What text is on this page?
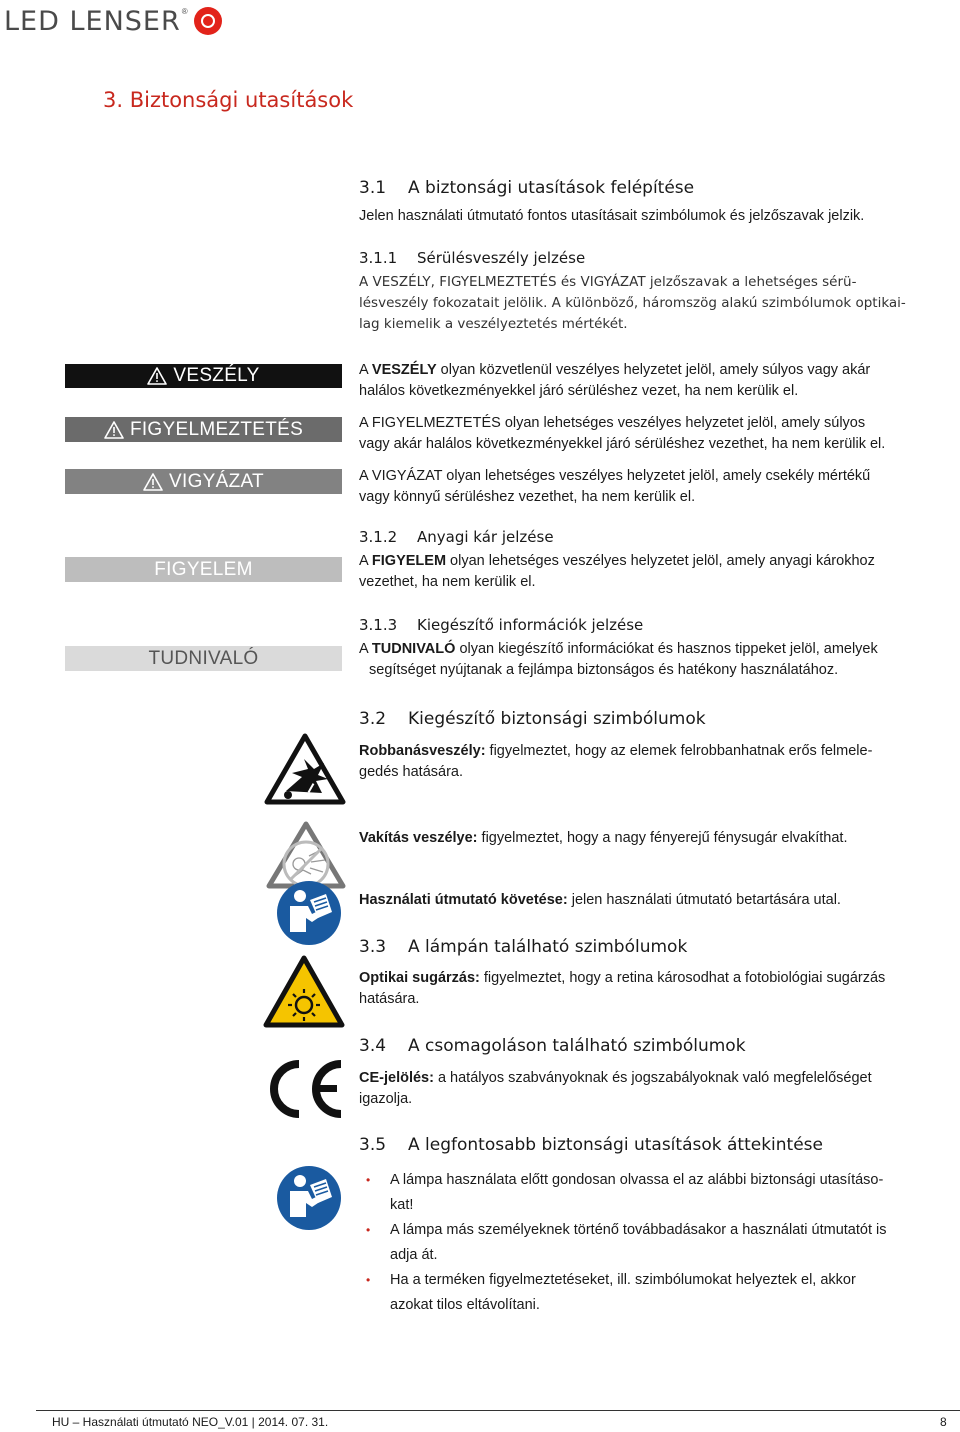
LED LENSER ®
3. Biztonsági utasítások
3.1 A biztonsági utasítások felépítése

Jelen használati útmutató fontos utasításait szimbólumok és jelzőszavak jelzik.

3.1.1 Sérülésveszély jelzése

A VESZÉLY, FIGYELMEZTETÉS és VIGYÁZAT jelzőszavak a lehetséges sérü-
lésveszély fokozatait jelölik. A különböző, háromszög alakú szimbólumok optikai-
lag kiemelik a veszélyeztetés mértékét.

VESZÉLY
FIGYELMEZTETÉS
VIGYÁZAT
FIGYELEM
TUDNIVALÓ

A VESZÉLY olyan közvetlenül veszélyes helyzetet jelöl, amely súlyos vagy akár
halálos következményekkel járó sérüléshez vezet, ha nem kerülik el.

A FIGYELMEZTETÉS olyan lehetséges veszélyes helyzetet jelöl, amely súlyos
vagy akár halálos következményekkel járó sérüléshez vezethet, ha nem kerülik el.

A VIGYÁZAT olyan lehetséges veszélyes helyzetet jelöl, amely csekély mértékű
vagy könnyű sérüléshez vezethet, ha nem kerülik el.

3.1.2 Anyagi kár jelzése

A FIGYELEM olyan lehetséges veszélyes helyzetet jelöl, amely anyagi károkhoz
vezethet, ha nem kerülik el.

3.1.3 Kiegészítő információk jelzése

A TUDNIVALÓ olyan kiegészítő információkat és hasznos tippeket jelöl, amelyek
segítséget nyújtanak a fejlámpa biztonságos és hatékony használatához.

3.2 Kiegészítő biztonsági szimbólumok

Robbanásveszély: figyelmeztet, hogy az elemek felrobbanhatnak erős felmele-
gedés hatására.

Vakítás veszélye: figyelmeztet, hogy a nagy fényerejű fénysugár elvakíthat.

Használati útmutató követése: jelen használati útmutató betartására utal.

3.3 A lámpán található szimbólumok

Optikai sugárzás: figyelmeztet, hogy a retina károsodhat a fotobiológiai sugárzás
hatására.

3.4 A csomagoláson található szimbólumok

CE-jelölés: a hatályos szabványoknak és jogszabályoknak való megfelelőséget
igazolja.

3.5 A legfontosabb biztonsági utasítások áttekintése
• A lámpa használata előtt gondosan olvassa el az alábbi biztonsági utasításo-
kat!
• A lámpa más személyeknek történő továbbadásakor a használati útmutatót is
adja át.
• Ha a terméken figyelmeztetéseket, ill. szimbólumokat helyeztek el, akkor
azokat tilos eltávolítani.
HU – Használati útmutató NEO_V.01 | 2014. 07. 31.	8
